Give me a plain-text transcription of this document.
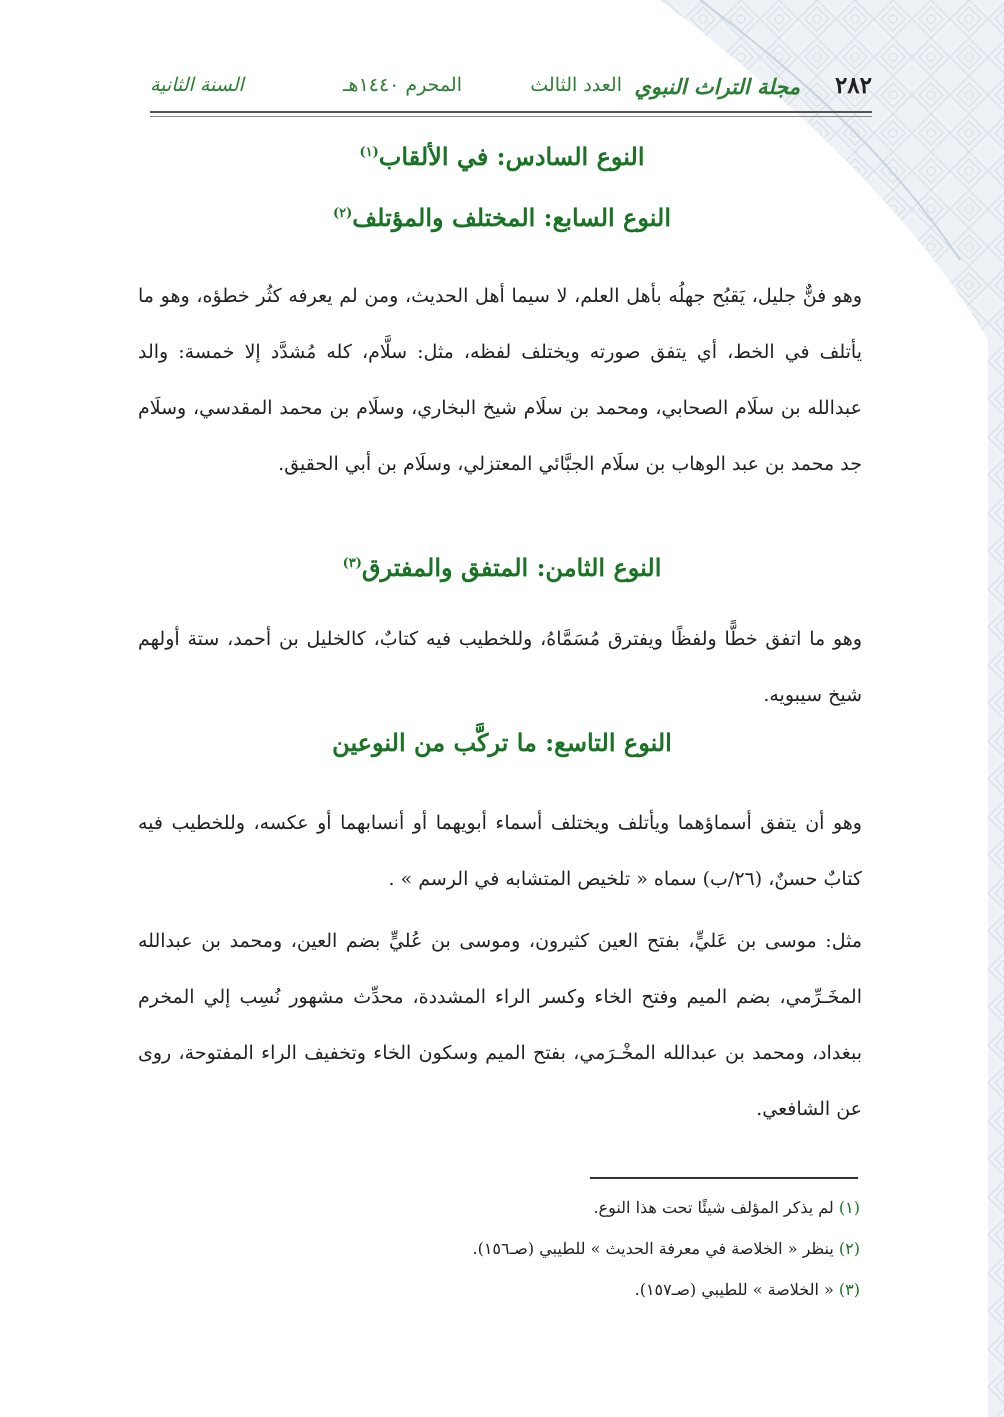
٢٨٢
مجلة التراث النبوي
العدد الثالث
المحرم ١٤٤٠هـ
السنة الثانية
النوع السادس: في الألقاب$^{(١)}$
النوع السابع: المختلف والمؤتلف$^{(٢)}$

وهو فنٌّ جليل، يَقبُح جهلُه بأهل العلم، لا سيما أهل الحديث، ومن لم يعرفه كثُر خطؤه، وهو ما يأتلف في الخط، أي يتفق صورته ويختلف لفظه، مثل: سلَّام، كله مُشدَّد إلا خمسة: والد عبدالله بن سلَام الصحابي، ومحمد بن سلَام شيخ البخاري، وسلَام بن محمد المقدسي، وسلَام جد محمد بن عبد الوهاب بن سلَام الجبَّائي المعتزلي، وسلَام بن أبي الحقيق.

النوع الثامن: المتفق والمفترق$^{(٣)}$

وهو ما اتفق خطًّا ولفظًا ويفترق مُسَمَّاهُ، وللخطيب فيه كتابٌ، كالخليل بن أحمد، ستة أولهم شيخ سيبويه.

النوع التاسع: ما تركَّب من النوعين

وهو أن يتفق أسماؤهما ويأتلف ويختلف أسماء أبويهما أو أنسابهما أو عكسه، وللخطيب فيه كتابٌ حسنٌ، (٢٦/ب) سماه « تلخيص المتشابه في الرسم » .

مثل: موسى بن عَليٍّ، بفتح العين كثيرون، وموسى بن عُليٍّ بضم العين، ومحمد بن عبدالله المخَـرِّمي، بضم الميم وفتح الخاء وكسر الراء المشددة، محدِّث مشهور نُسِب إلي المخرم ببغداد، ومحمد بن عبدالله المخْـرَمي، بفتح الميم وسكون الخاء وتخفيف الراء المفتوحة، روى عن الشافعي.

(١) لم يذكر المؤلف شيئًا تحت هذا النوع.
(٢) ينظر « الخلاصة في معرفة الحديث » للطيبي (صـ١٥٦).
(٣) « الخلاصة » للطيبي (صـ١٥٧).
